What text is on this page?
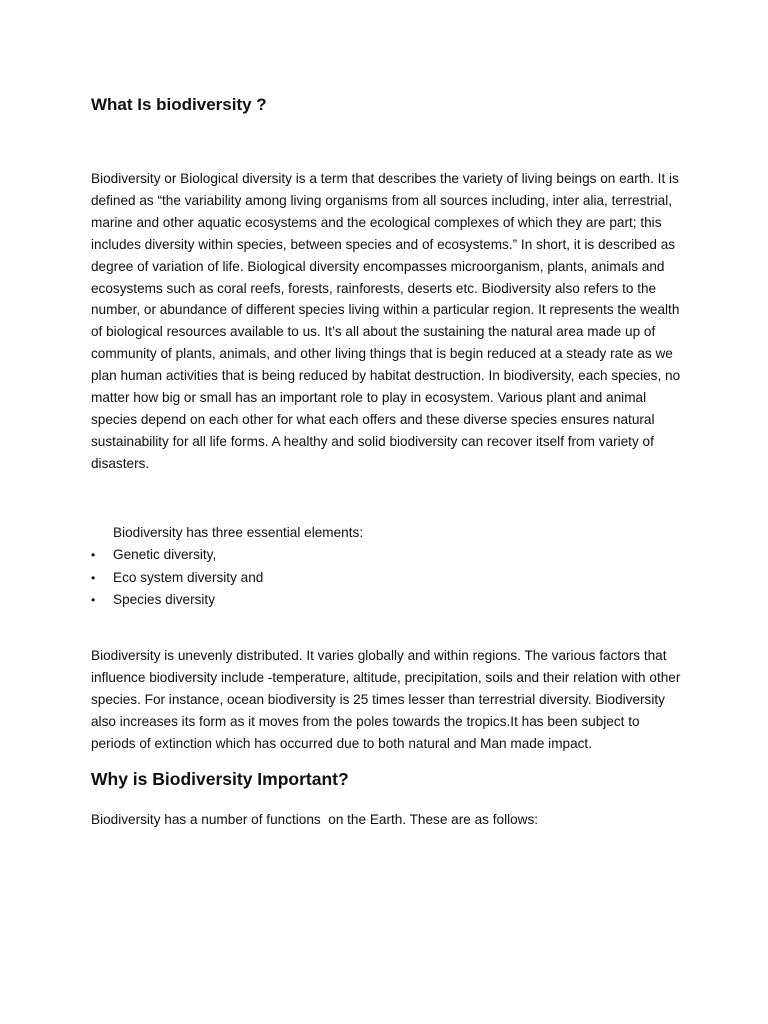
What Is biodiversity ?

Biodiversity or Biological diversity is a term that describes the variety of living beings on earth. It is defined as “the variability among living organisms from all sources including, inter alia, terrestrial, marine and other aquatic ecosystems and the ecological complexes of which they are part; this includes diversity within species, between species and of ecosystems.” In short, it is described as degree of variation of life. Biological diversity encompasses microorganism, plants, animals and ecosystems such as coral reefs, forests, rainforests, deserts etc. Biodiversity also refers to the number, or abundance of different species living within a particular region. It represents the wealth of biological resources available to us. It’s all about the sustaining the natural area made up of community of plants, animals, and other living things that is begin reduced at a steady rate as we plan human activities that is being reduced by habitat destruction. In biodiversity, each species, no matter how big or small has an important role to play in ecosystem. Various plant and animal species depend on each other for what each offers and these diverse species ensures natural sustainability for all life forms. A healthy and solid biodiversity can recover itself from variety of disasters.

Biodiversity has three essential elements:

• Genetic diversity,
• Eco system diversity and
• Species diversity

Biodiversity is unevenly distributed. It varies globally and within regions. The various factors that influence biodiversity include -temperature, altitude, precipitation, soils and their relation with other species. For instance, ocean biodiversity is 25 times lesser than terrestrial diversity. Biodiversity also increases its form as it moves from the poles towards the tropics.It has been subject to periods of extinction which has occurred due to both natural and Man made impact.

Why is Biodiversity Important?

Biodiversity has a number of functions  on the Earth. These are as follows:
